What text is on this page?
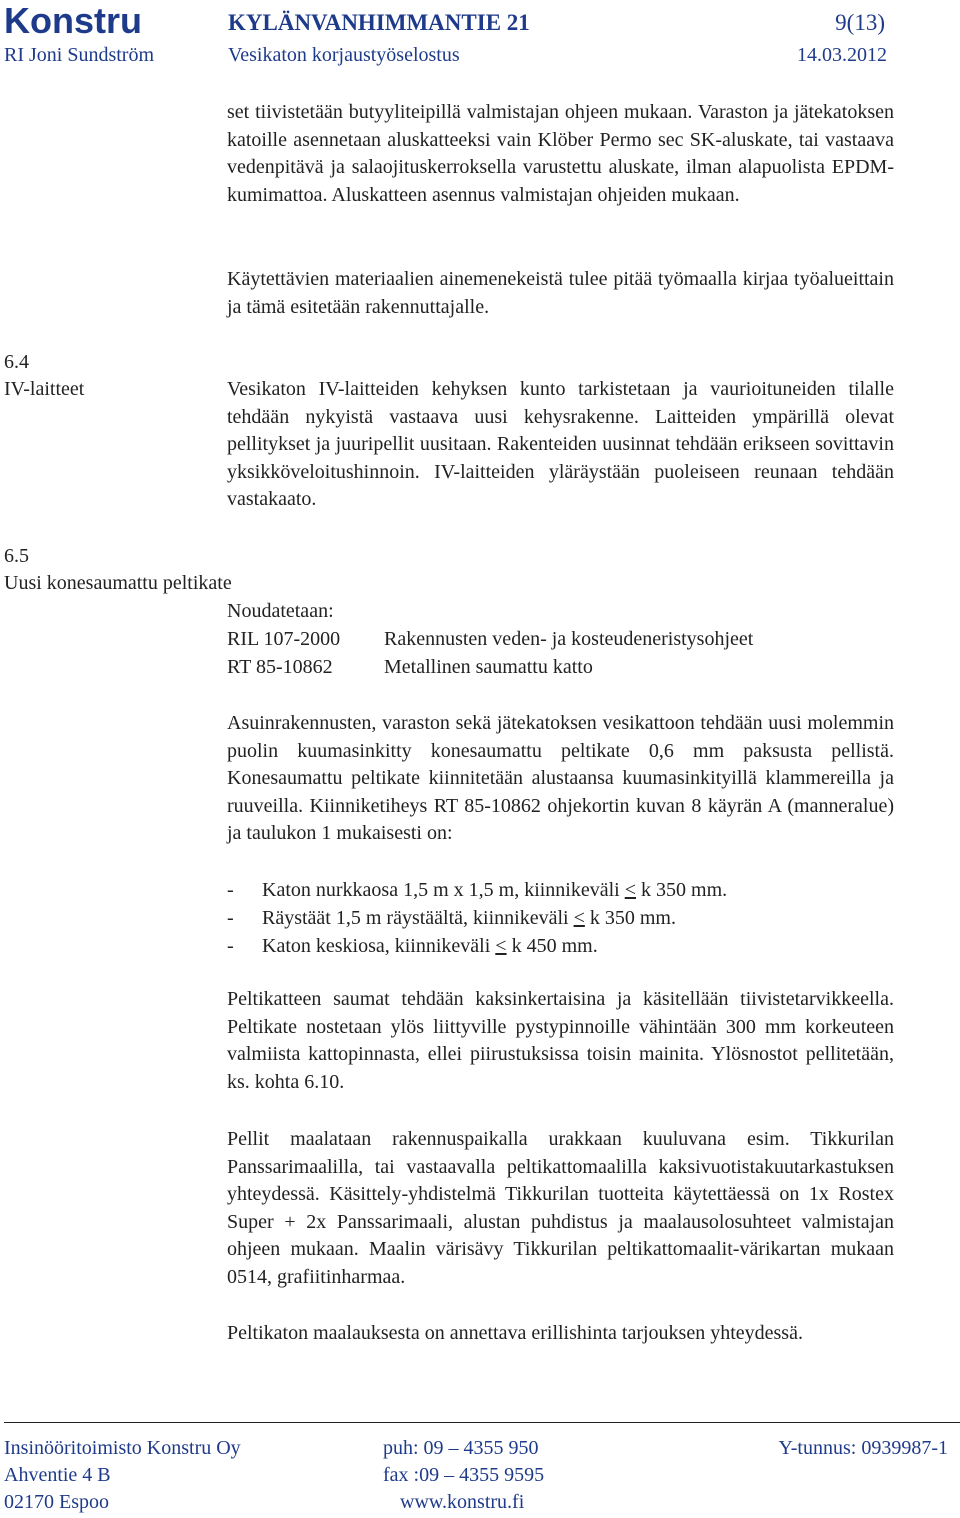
Konstru	KYLÄNVANHIMMANTIE 21	9(13)
RI Joni Sundström	Vesikaton korjaustyöselostus	14.03.2012

set tiivistetään butyyliteipillä valmistajan ohjeen mukaan. Varaston ja jätekatoksen katoille asennetaan aluskatteeksi vain Klöber Permo sec SK-aluskate, tai vastaava vedenpitävä ja salaojituskerroksella varustettu aluskate, ilman alapuolista EPDM-kumimattoa. Aluskatteen asennus valmistajan ohjeiden mukaan.

Käytettävien materiaalien ainemenekeistä tulee pitää työmaalla kirjaa työalueittain ja tämä esitetään rakennuttajalle.

6.4
IV-laitteet	Vesikaton IV-laitteiden kehyksen kunto tarkistetaan ja vaurioituneiden tilalle tehdään nykyistä vastaava uusi kehysrakenne. Laitteiden ympärillä olevat pellitykset ja juuripellit uusitaan. Rakenteiden uusinnat tehdään erikseen sovittavin yksikköveloitushinnoin. IV-laitteiden yläräystään puoleiseen reunaan tehdään vastakaato.

6.5
Uusi konesaumattu peltikate
Noudatetaan:
RIL 107-2000 Rakennusten veden- ja kosteudeneristysohjeet
RT 85-10862	Metallinen saumattu katto

Asuinrakennusten, varaston sekä jätekatoksen vesikattoon tehdään uusi molemmin puolin kuumasinkitty konesaumattu peltikate 0,6 mm paksusta pellistä. Konesaumattu peltikate kiinnitetään alustaansa kuumasinkityillä klammereilla ja ruuveilla. Kiinniketiheys RT 85-10862 ohjekortin kuvan 8 käyrän A (manneralue) ja taulukon 1 mukaisesti on:

- Katon nurkkaosa 1,5 m x 1,5 m, kiinnikeväli ≤ k 350 mm.
- Räystäät 1,5 m räystäältä, kiinnikeväli ≤ k 350 mm.
- Katon keskiosa, kiinnikeväli ≤ k 450 mm.

Peltikatteen saumat tehdään kaksinkertaisina ja käsitellään tiivistetarvikkeella. Peltikate nostetaan ylös liittyville pystypinnoille vähintään 300 mm korkeuteen valmiista kattopinnasta, ellei piirustuksissa toisin mainita. Ylösnostot pellitetään, ks. kohta 6.10.

Pellit maalataan rakennuspaikalla urakkaan kuuluvana esim. Tikkurilan Panssarimaalilla, tai vastaavalla peltikattomaalilla kaksivuotistakuutarkastuksen yhteydessä. Käsittely-yhdistelmä Tikkurilan tuotteita käytettäessä on 1x Rostex Super + 2x Panssarimaali, alustan puhdistus ja maalausolosuhteet valmistajan ohjeen mukaan. Maalin värisävy Tikkurilan peltikattomaalit-värikartan mukaan 0514, grafiitinharmaa.

Peltikaton maalauksesta on annettava erillishinta tarjouksen yhteydessä.

Insinööritoimisto Konstru Oy
Ahventie 4 B
02170 Espoo
puh: 09 – 4355 950
fax :09 – 4355 9595
www.konstru.fi
Y-tunnus: 0939987-1
